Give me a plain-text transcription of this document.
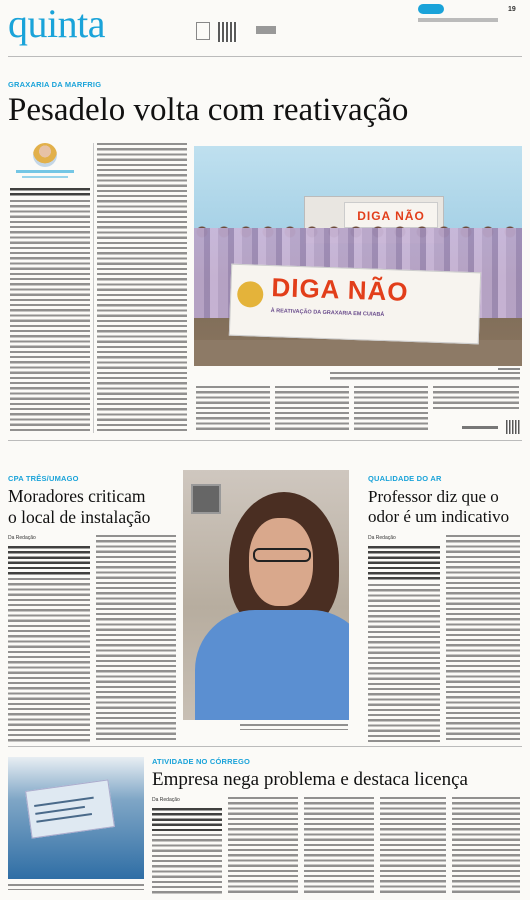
quinta	19
GRAXARIA DA MARFRIG
Pesadelo volta com reativação
DIGA NÃO
DIGA NÃO
À REATIVAÇÃO DA GRAXARIA EM CUIABÁ
CPA TRÊS/UMAGO
Moradores criticam
o local de instalação
Da Redação
QUALIDADE DO AR
Professor diz que o
odor é um indicativo
Da Redação
ATIVIDADE NO CÓRREGO
Empresa nega problema e destaca licença
Da Redação
